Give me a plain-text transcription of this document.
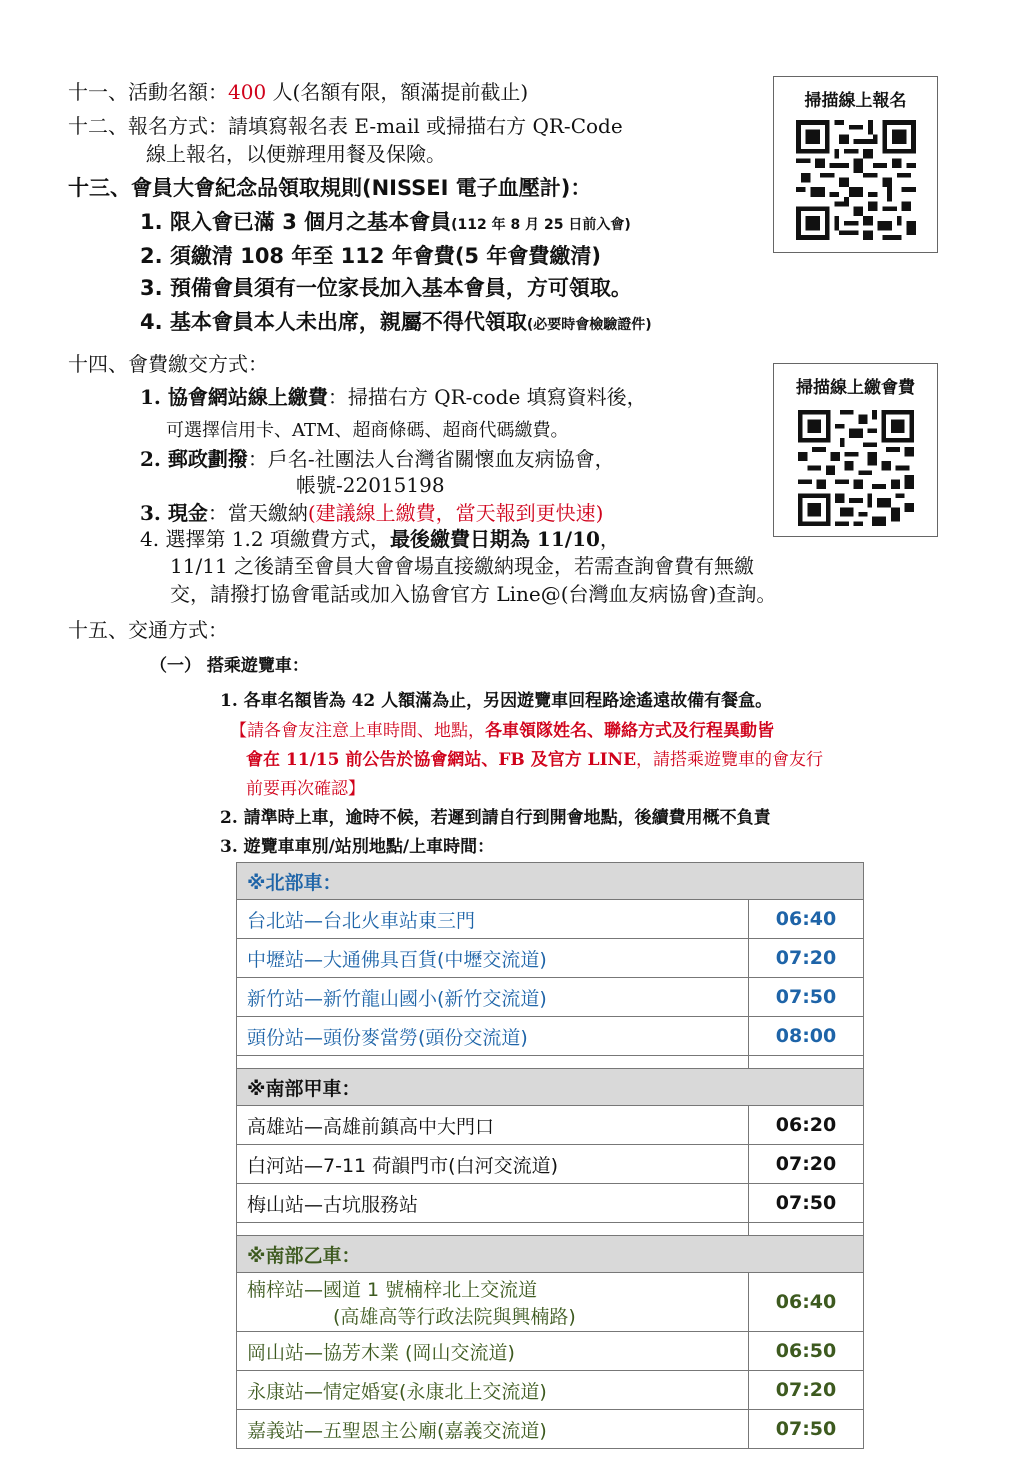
十一、活動名額：400 人(名額有限，額滿提前截止)
十二、報名方式：請填寫報名表 E-mail 或掃描右方 QR-Code
線上報名，以便辦理用餐及保險。
十三、會員大會紀念品領取規則(NISSEI 電子血壓計)：
1. 限入會已滿 3 個月之基本會員(112 年 8 月 25 日前入會)
2. 須繳清 108 年至 112 年會費(5 年會費繳清)
3. 預備會員須有一位家長加入基本會員，方可領取。
4. 基本會員本人未出席，親屬不得代領取(必要時會檢驗證件)
掃描線上報名
十四、會費繳交方式：
1. 協會網站線上繳費：掃描右方 QR-code 填寫資料後，
可選擇信用卡、ATM、超商條碼、超商代碼繳費。
2. 郵政劃撥：戶名-社團法人台灣省關懷血友病協會，
帳號-22015198
3. 現金：當天繳納(建議線上繳費，當天報到更快速)
4. 選擇第 1.2 項繳費方式，最後繳費日期為 11/10，
11/11 之後請至會員大會會場直接繳納現金，若需查詢會費有無繳
交，請撥打協會電話或加入協會官方 Line@(台灣血友病協會)查詢。
掃描線上繳會費
十五、交通方式：
（一） 搭乘遊覽車：
1. 各車名額皆為 42 人額滿為止，另因遊覽車回程路途遙遠故備有餐盒。
【請各會友注意上車時間、地點，各車領隊姓名、聯絡方式及行程異動皆
會在 11/15 前公告於協會網站、FB 及官方 LINE，請搭乘遊覽車的會友行
前要再次確認】
2. 請準時上車，逾時不候，若遲到請自行到開會地點，後續費用概不負責
3. 遊覽車車別/站別地點/上車時間：
※北部車：	
台北站—台北火車站東三門	06:40
中壢站—大通佛具百貨(中壢交流道)	07:20
新竹站—新竹龍山國小(新竹交流道)	07:50
頭份站—頭份麥當勞(頭份交流道)	08:00

※南部甲車：	
高雄站—高雄前鎮高中大門口	06:20
白河站—7-11 荷韻門市(白河交流道)	07:20
梅山站—古坑服務站	07:50

※南部乙車：	

楠梓站—國道 1 號楠梓北上交流道
(高雄高等行政法院與興楠路)	06:40
岡山站—協芳木業 (岡山交流道)	06:50
永康站—情定婚宴(永康北上交流道)	07:20
嘉義站—五聖恩主公廟(嘉義交流道)	07:50
